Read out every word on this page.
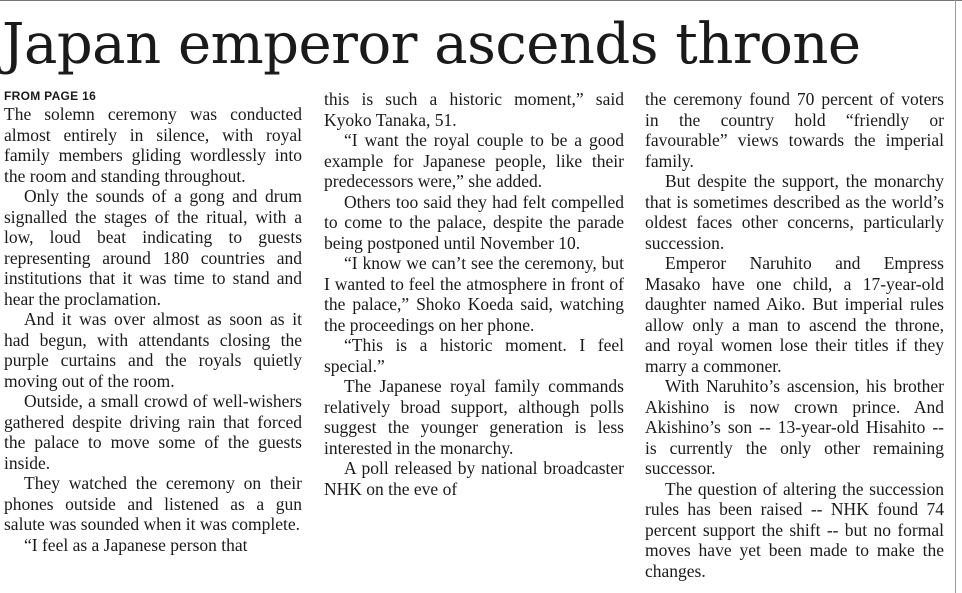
Japan emperor ascends throne
FROM PAGE 16

The solemn ceremony was conducted almost entirely in silence, with royal family members gliding wordlessly into the room and standing throughout.

Only the sounds of a gong and drum signalled the stages of the ritual, with a low, loud beat indicating to guests representing around 180 countries and institutions that it was time to stand and hear the proclamation.

And it was over almost as soon as it had begun, with attendants closing the purple curtains and the royals quietly moving out of the room.

Outside, a small crowd of well-wishers gathered despite driving rain that forced the palace to move some of the guests inside.

They watched the ceremony on their phones outside and listened as a gun salute was sounded when it was complete.

“I feel as a Japanese person that

this is such a historic moment,” said Kyoko Tanaka, 51.

“I want the royal couple to be a good example for Japanese people, like their predecessors were,” she added.

Others too said they had felt compelled to come to the palace, despite the parade being postponed until November 10.

“I know we can’t see the ceremony, but I wanted to feel the atmosphere in front of the palace,” Shoko Koeda said, watching the proceedings on her phone.

“This is a historic moment. I feel special.”

The Japanese royal family commands relatively broad support, although polls suggest the younger generation is less interested in the monarchy.

A poll released by national broadcaster NHK on the eve of

the ceremony found 70 percent of voters in the country hold “friendly or favourable” views towards the imperial family.

But despite the support, the monarchy that is sometimes described as the world’s oldest faces other concerns, particularly succession.

Emperor Naruhito and Empress Masako have one child, a 17-year-old daughter named Aiko. But imperial rules allow only a man to ascend the throne, and royal women lose their titles if they marry a commoner.

With Naruhito’s ascension, his brother Akishino is now crown prince. And Akishino’s son -- 13-year-old Hisahito -- is currently the only other remaining successor.

The question of altering the succession rules has been raised -- NHK found 74 percent support the shift -- but no formal moves have yet been made to make the changes.
